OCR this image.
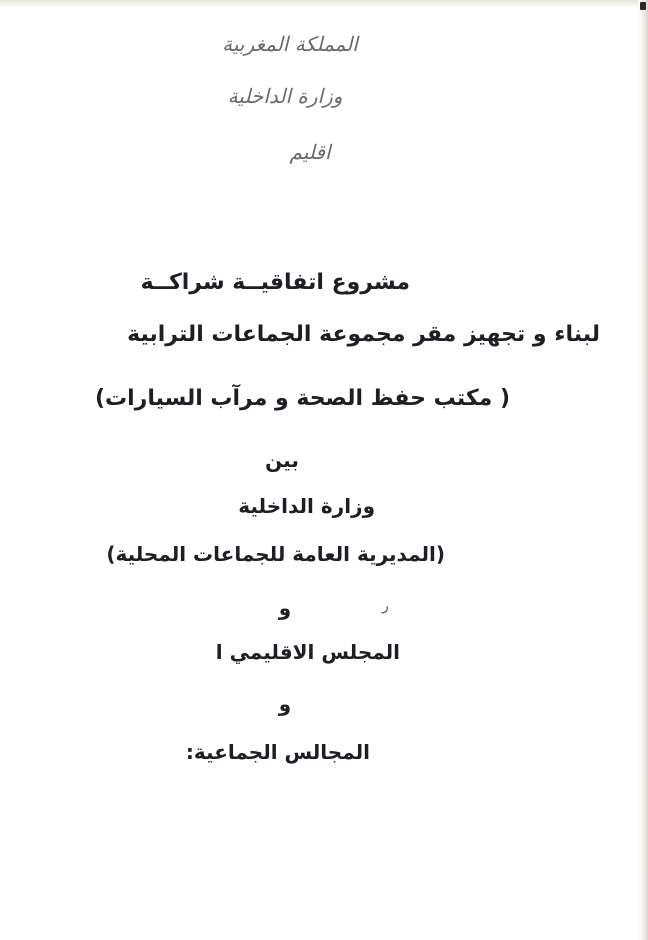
المملكة المغربية
وزارة الداخلية
اقليم
مشروع اتفاقيــة شراكــة
لبناء و تجهيز مقر مجموعة الجماعات الترابية
( مكتب حفظ الصحة و مرآب السيارات)
بين
وزارة الداخلية
(المديرية العامة للجماعات المحلية)
ر
و
المجلس الاقليمي ا
و
المجالس الجماعية:
